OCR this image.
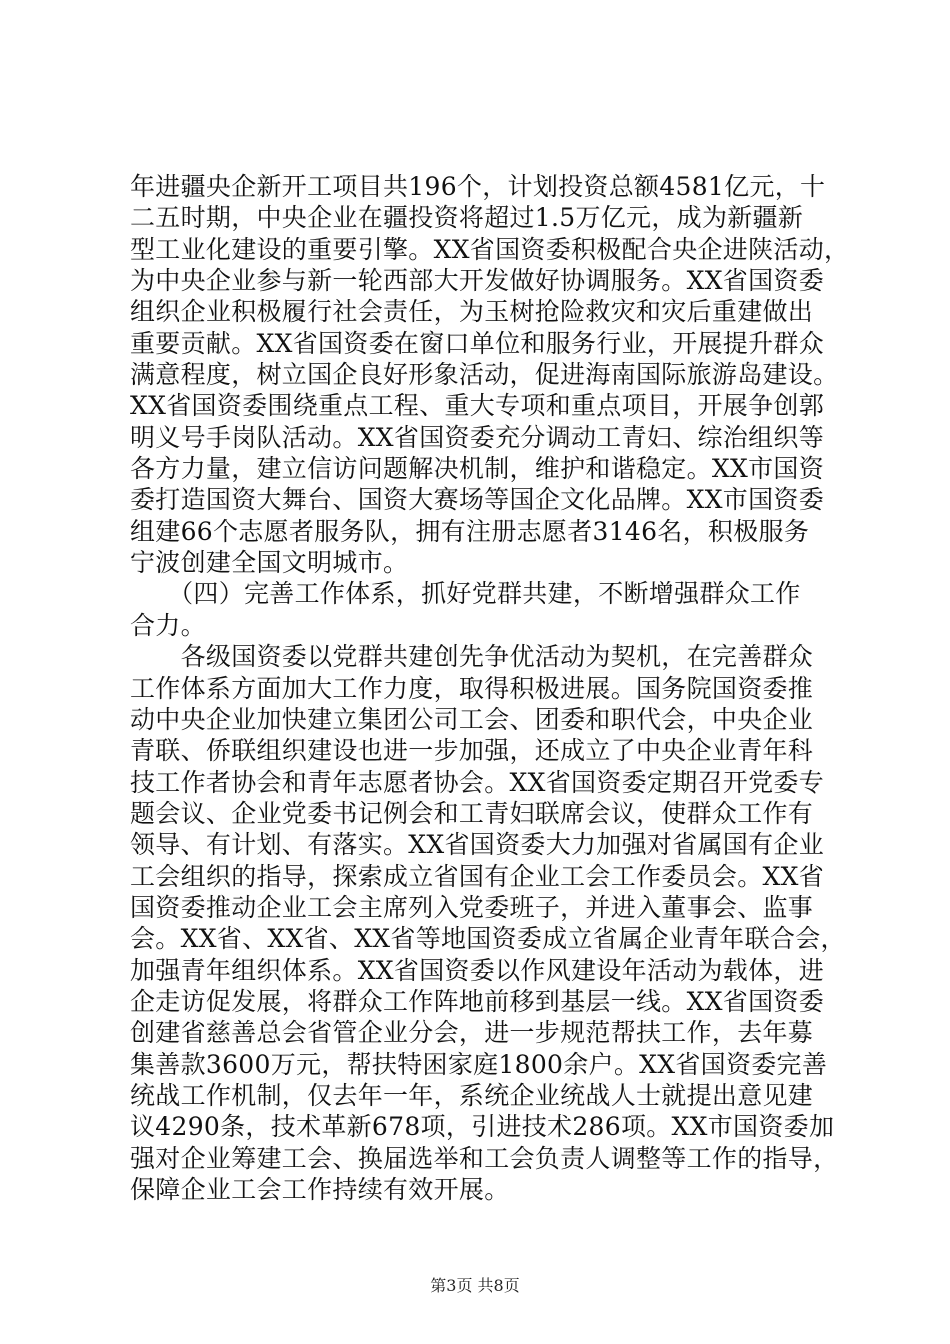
年进疆央企新开工项目共196个，计划投资总额4581亿元，十
二五时期，中央企业在疆投资将超过1.5万亿元，成为新疆新
型工业化建设的重要引擎。XX省国资委积极配合央企进陕活动，
为中央企业参与新一轮西部大开发做好协调服务。XX省国资委
组织企业积极履行社会责任，为玉树抢险救灾和灾后重建做出
重要贡献。XX省国资委在窗口单位和服务行业，开展提升群众
满意程度，树立国企良好形象活动，促进海南国际旅游岛建设。
XX省国资委围绕重点工程、重大专项和重点项目，开展争创郭
明义号手岗队活动。XX省国资委充分调动工青妇、综治组织等
各方力量，建立信访问题解决机制，维护和谐稳定。XX市国资
委打造国资大舞台、国资大赛场等国企文化品牌。XX市国资委
组建66个志愿者服务队，拥有注册志愿者3146名，积极服务
宁波创建全国文明城市。
　　（四）完善工作体系，抓好党群共建，不断增强群众工作
合力。
　　各级国资委以党群共建创先争优活动为契机，在完善群众
工作体系方面加大工作力度，取得积极进展。国务院国资委推
动中央企业加快建立集团公司工会、团委和职代会，中央企业
青联、侨联组织建设也进一步加强，还成立了中央企业青年科
技工作者协会和青年志愿者协会。XX省国资委定期召开党委专
题会议、企业党委书记例会和工青妇联席会议，使群众工作有
领导、有计划、有落实。XX省国资委大力加强对省属国有企业
工会组织的指导，探索成立省国有企业工会工作委员会。XX省
国资委推动企业工会主席列入党委班子，并进入董事会、监事
会。XX省、XX省、XX省等地国资委成立省属企业青年联合会，
加强青年组织体系。XX省国资委以作风建设年活动为载体，进
企走访促发展，将群众工作阵地前移到基层一线。XX省国资委
创建省慈善总会省管企业分会，进一步规范帮扶工作，去年募
集善款3600万元，帮扶特困家庭1800余户。XX省国资委完善
统战工作机制，仅去年一年，系统企业统战人士就提出意见建
议4290条，技术革新678项，引进技术286项。XX市国资委加
强对企业筹建工会、换届选举和工会负责人调整等工作的指导，
保障企业工会工作持续有效开展。
第3页 共8页
